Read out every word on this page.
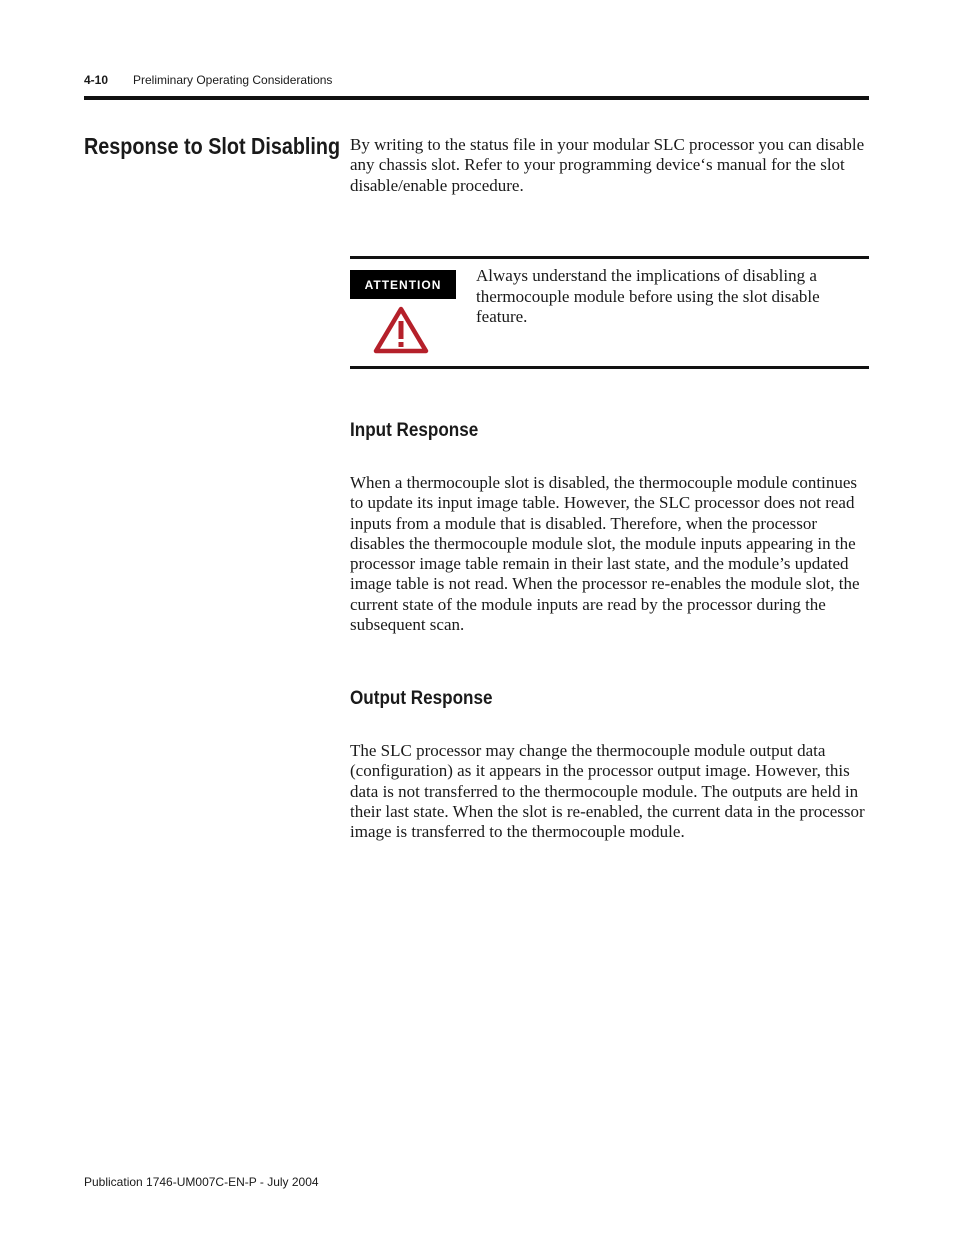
4-10 Preliminary Operating Considerations
Response to Slot Disabling By writing to the status file in your modular SLC processor you can disable any chassis slot. Refer to your programming device‘s manual for the slot disable/enable procedure.

ATTENTION	Always understand the implications of disabling a thermocouple module before using the slot disable feature.

Input Response

When a thermocouple slot is disabled, the thermocouple module continues to update its input image table. However, the SLC processor does not read inputs from a module that is disabled. Therefore, when the processor disables the thermocouple module slot, the module inputs appearing in the processor image table remain in their last state, and the module’s updated image table is not read. When the processor re-enables the module slot, the current state of the module inputs are read by the processor during the subsequent scan.

Output Response

The SLC processor may change the thermocouple module output data (configuration) as it appears in the processor output image. However, this data is not transferred to the thermocouple module. The outputs are held in their last state. When the slot is re-enabled, the current data in the processor image is transferred to the thermocouple module.

Publication 1746-UM007C-EN-P - July 2004
